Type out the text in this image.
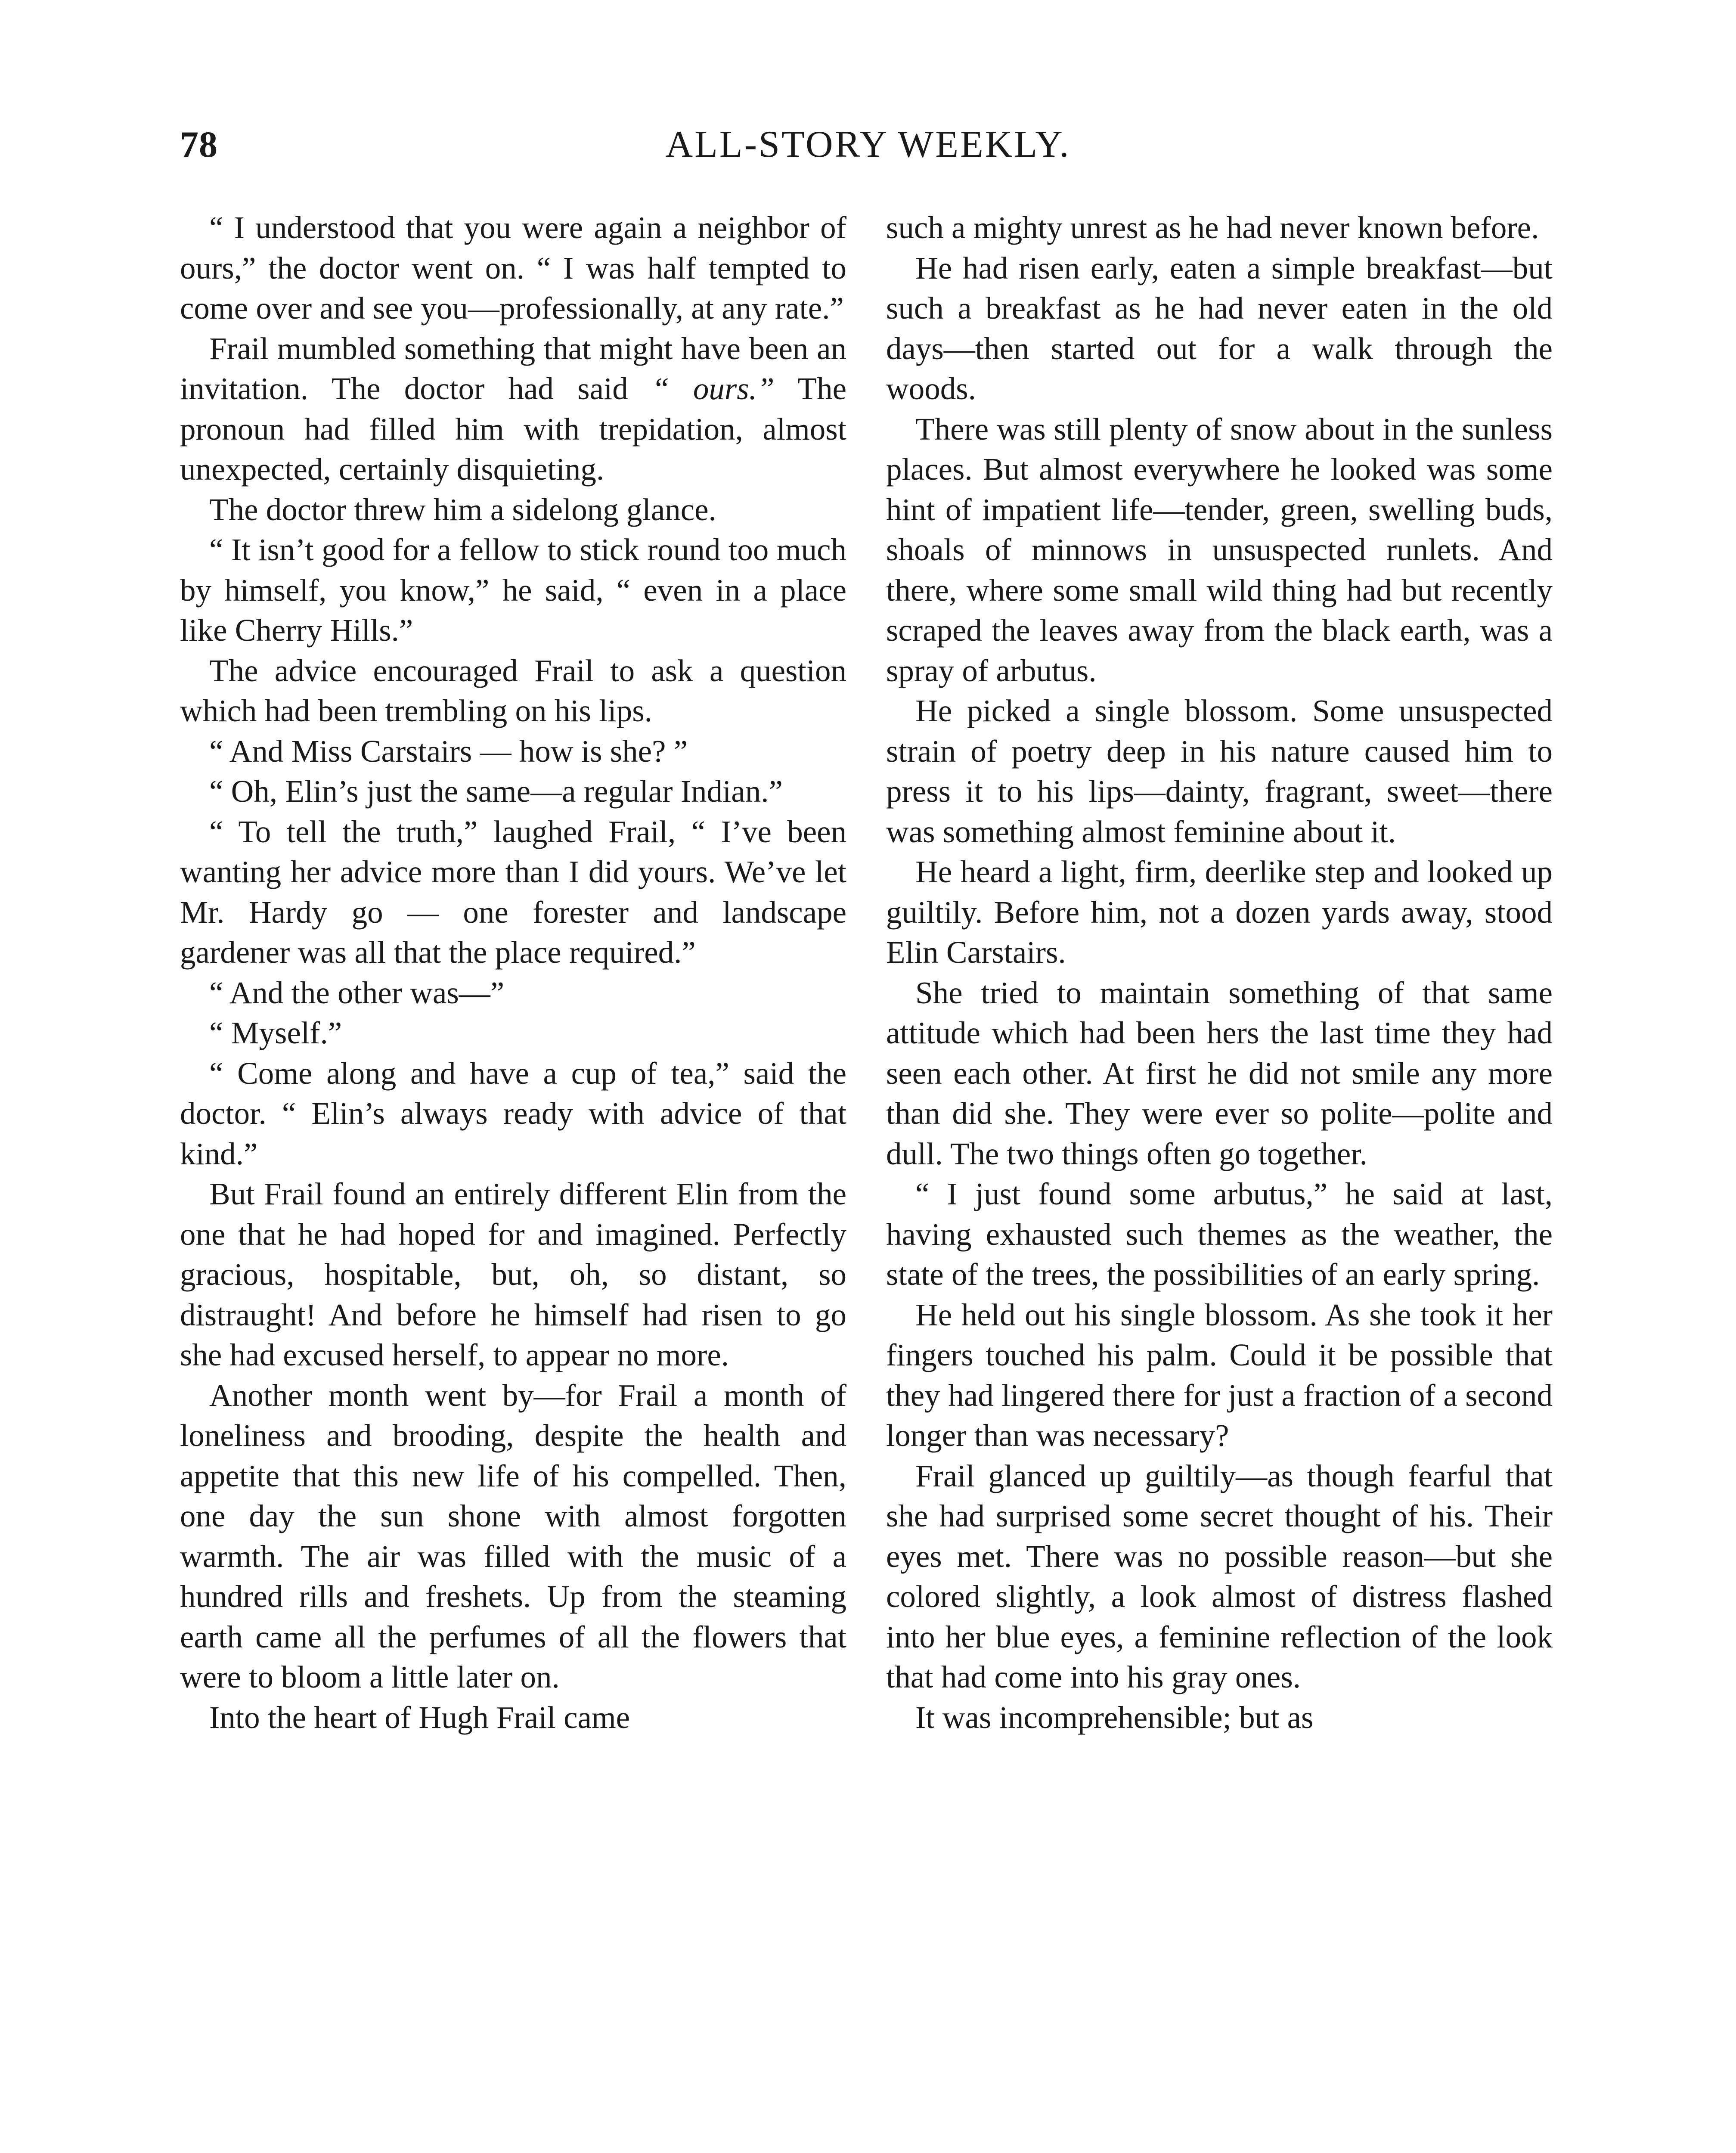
78	ALL-STORY WEEKLY.

“ I understood that you were again a neighbor of ours,” the doctor went on. “ I was half tempted to come over and see you—professionally, at any rate.”

Frail mumbled something that might have been an invitation. The doctor had said “ ours.” The pronoun had filled him with trepidation, almost unexpected, certainly disquieting.

The doctor threw him a sidelong glance.

“ It isn’t good for a fellow to stick round too much by himself, you know,” he said, “ even in a place like Cherry Hills.”

The advice encouraged Frail to ask a question which had been trembling on his lips.

“ And Miss Carstairs — how is she? ”

“ Oh, Elin’s just the same—a regular Indian.”

“ To tell the truth,” laughed Frail, “ I’ve been wanting her advice more than I did yours. We’ve let Mr. Hardy go — one forester and landscape gardener was all that the place required.”

“ And the other was—”

“ Myself.”

“ Come along and have a cup of tea,” said the doctor. “ Elin’s always ready with advice of that kind.”

But Frail found an entirely different Elin from the one that he had hoped for and imagined. Perfectly gracious, hospitable, but, oh, so distant, so distraught! And before he himself had risen to go she had excused herself, to appear no more.

Another month went by—for Frail a month of loneliness and brooding, despite the health and appetite that this new life of his compelled. Then, one day the sun shone with almost forgotten warmth. The air was filled with the music of a hundred rills and freshets. Up from the steaming earth came all the perfumes of all the flowers that were to bloom a little later on.

Into the heart of Hugh Frail came

such a mighty unrest as he had never known before.

He had risen early, eaten a simple breakfast—but such a breakfast as he had never eaten in the old days—then started out for a walk through the woods.

There was still plenty of snow about in the sunless places. But almost everywhere he looked was some hint of impatient life—tender, green, swelling buds, shoals of minnows in unsuspected runlets. And there, where some small wild thing had but recently scraped the leaves away from the black earth, was a spray of arbutus.

He picked a single blossom. Some unsuspected strain of poetry deep in his nature caused him to press it to his lips—dainty, fragrant, sweet—there was something almost feminine about it.

He heard a light, firm, deerlike step and looked up guiltily. Before him, not a dozen yards away, stood Elin Carstairs.

She tried to maintain something of that same attitude which had been hers the last time they had seen each other. At first he did not smile any more than did she. They were ever so polite—polite and dull. The two things often go together.

“ I just found some arbutus,” he said at last, having exhausted such themes as the weather, the state of the trees, the possibilities of an early spring.

He held out his single blossom. As she took it her fingers touched his palm. Could it be possible that they had lingered there for just a fraction of a second longer than was necessary?

Frail glanced up guiltily—as though fearful that she had surprised some secret thought of his. Their eyes met. There was no possible reason—but she colored slightly, a look almost of distress flashed into her blue eyes, a feminine reflection of the look that had come into his gray ones.

It was incomprehensible; but as
